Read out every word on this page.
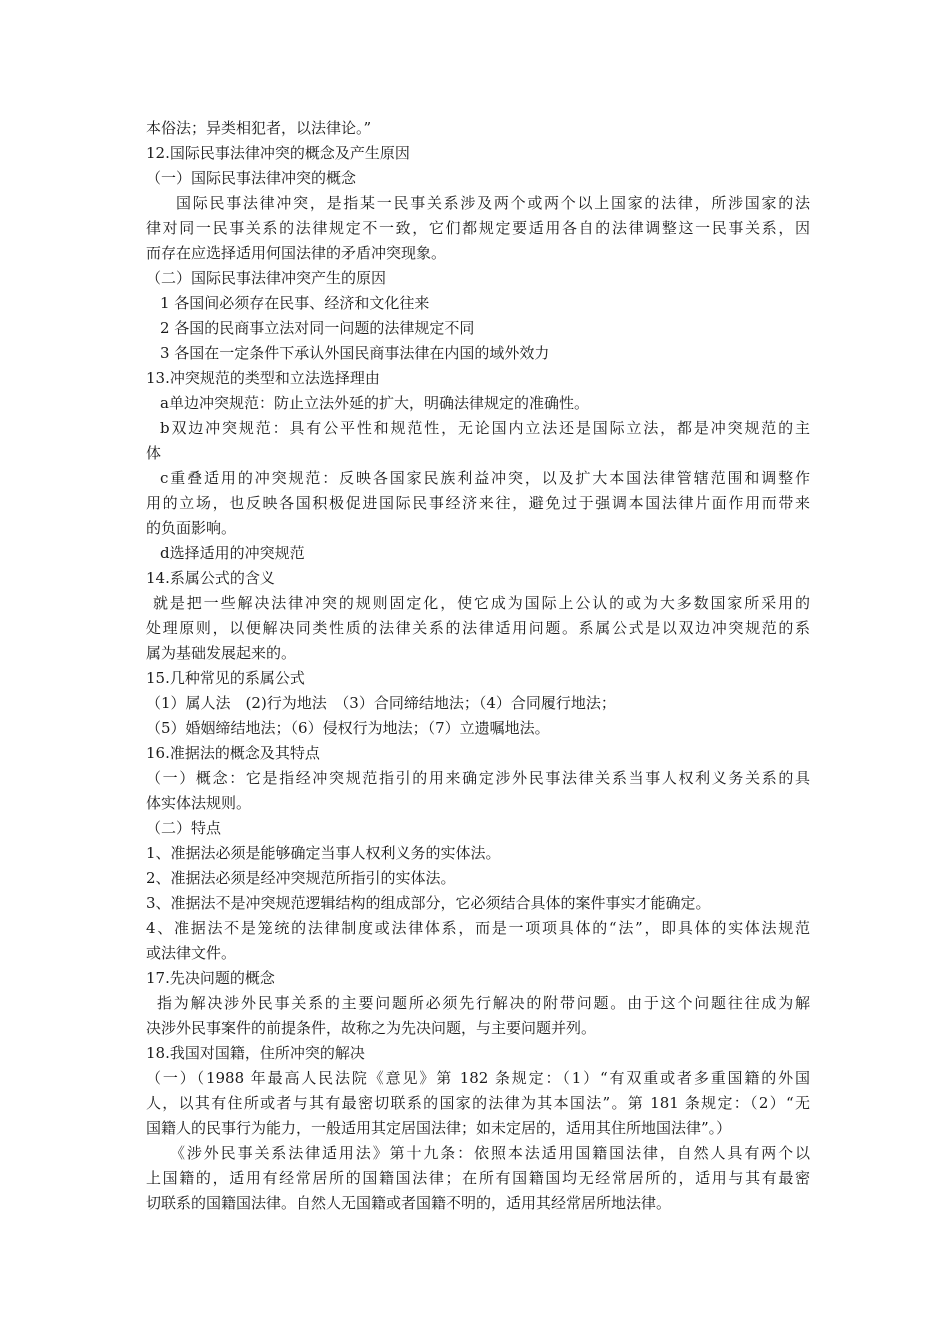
本俗法；异类相犯者，以法律论。”
12.国际民事法律冲突的概念及产生原因
（一）国际民事法律冲突的概念
国际民事法律冲突，是指某一民事关系涉及两个或两个以上国家的法律，所涉国家的法
律对同一民事关系的法律规定不一致，它们都规定要适用各自的法律调整这一民事关系，因
而存在应选择适用何国法律的矛盾冲突现象。
（二）国际民事法律冲突产生的原因
1 各国间必须存在民事、经济和文化往来
2 各国的民商事立法对同一问题的法律规定不同
3 各国在一定条件下承认外国民商事法律在内国的域外效力
13.冲突规范的类型和立法选择理由
a单边冲突规范：防止立法外延的扩大，明确法律规定的准确性。
b双边冲突规范：具有公平性和规范性，无论国内立法还是国际立法，都是冲突规范的主
体
c重叠适用的冲突规范：反映各国家民族利益冲突，以及扩大本国法律管辖范围和调整作
用的立场，也反映各国积极促进国际民事经济来往，避免过于强调本国法律片面作用而带来
的负面影响。
d选择适用的冲突规范
14.系属公式的含义
就是把一些解决法律冲突的规则固定化，使它成为国际上公认的或为大多数国家所采用的
处理原则，以便解决同类性质的法律关系的法律适用问题。系属公式是以双边冲突规范的系
属为基础发展起来的。
15.几种常见的系属公式
（1）属人法　(2)行为地法　（3）合同缔结地法；（4）合同履行地法；
（5）婚姻缔结地法；（6）侵权行为地法；（7）立遗嘱地法。
16.准据法的概念及其特点
（一）概念：它是指经冲突规范指引的用来确定涉外民事法律关系当事人权利义务关系的具
体实体法规则。
（二）特点
1、准据法必须是能够确定当事人权利义务的实体法。
2、准据法必须是经冲突规范所指引的实体法。
3、准据法不是冲突规范逻辑结构的组成部分，它必须结合具体的案件事实才能确定。
4、准据法不是笼统的法律制度或法律体系，而是一项项具体的“法”，即具体的实体法规范
或法律文件。
17.先决问题的概念
指为解决涉外民事关系的主要问题所必须先行解决的附带问题。由于这个问题往往成为解
决涉外民事案件的前提条件，故称之为先决问题，与主要问题并列。
18.我国对国籍，住所冲突的解决
（一）（1988 年最高人民法院《意见》第 182 条规定：（1）“有双重或者多重国籍的外国
人，以其有住所或者与其有最密切联系的国家的法律为其本国法”。第 181 条规定：（2）“无
国籍人的民事行为能力，一般适用其定居国法律；如未定居的，适用其住所地国法律”。）
《涉外民事关系法律适用法》第十九条：依照本法适用国籍国法律，自然人具有两个以
上国籍的，适用有经常居所的国籍国法律；在所有国籍国均无经常居所的，适用与其有最密
切联系的国籍国法律。自然人无国籍或者国籍不明的，适用其经常居所地法律。
